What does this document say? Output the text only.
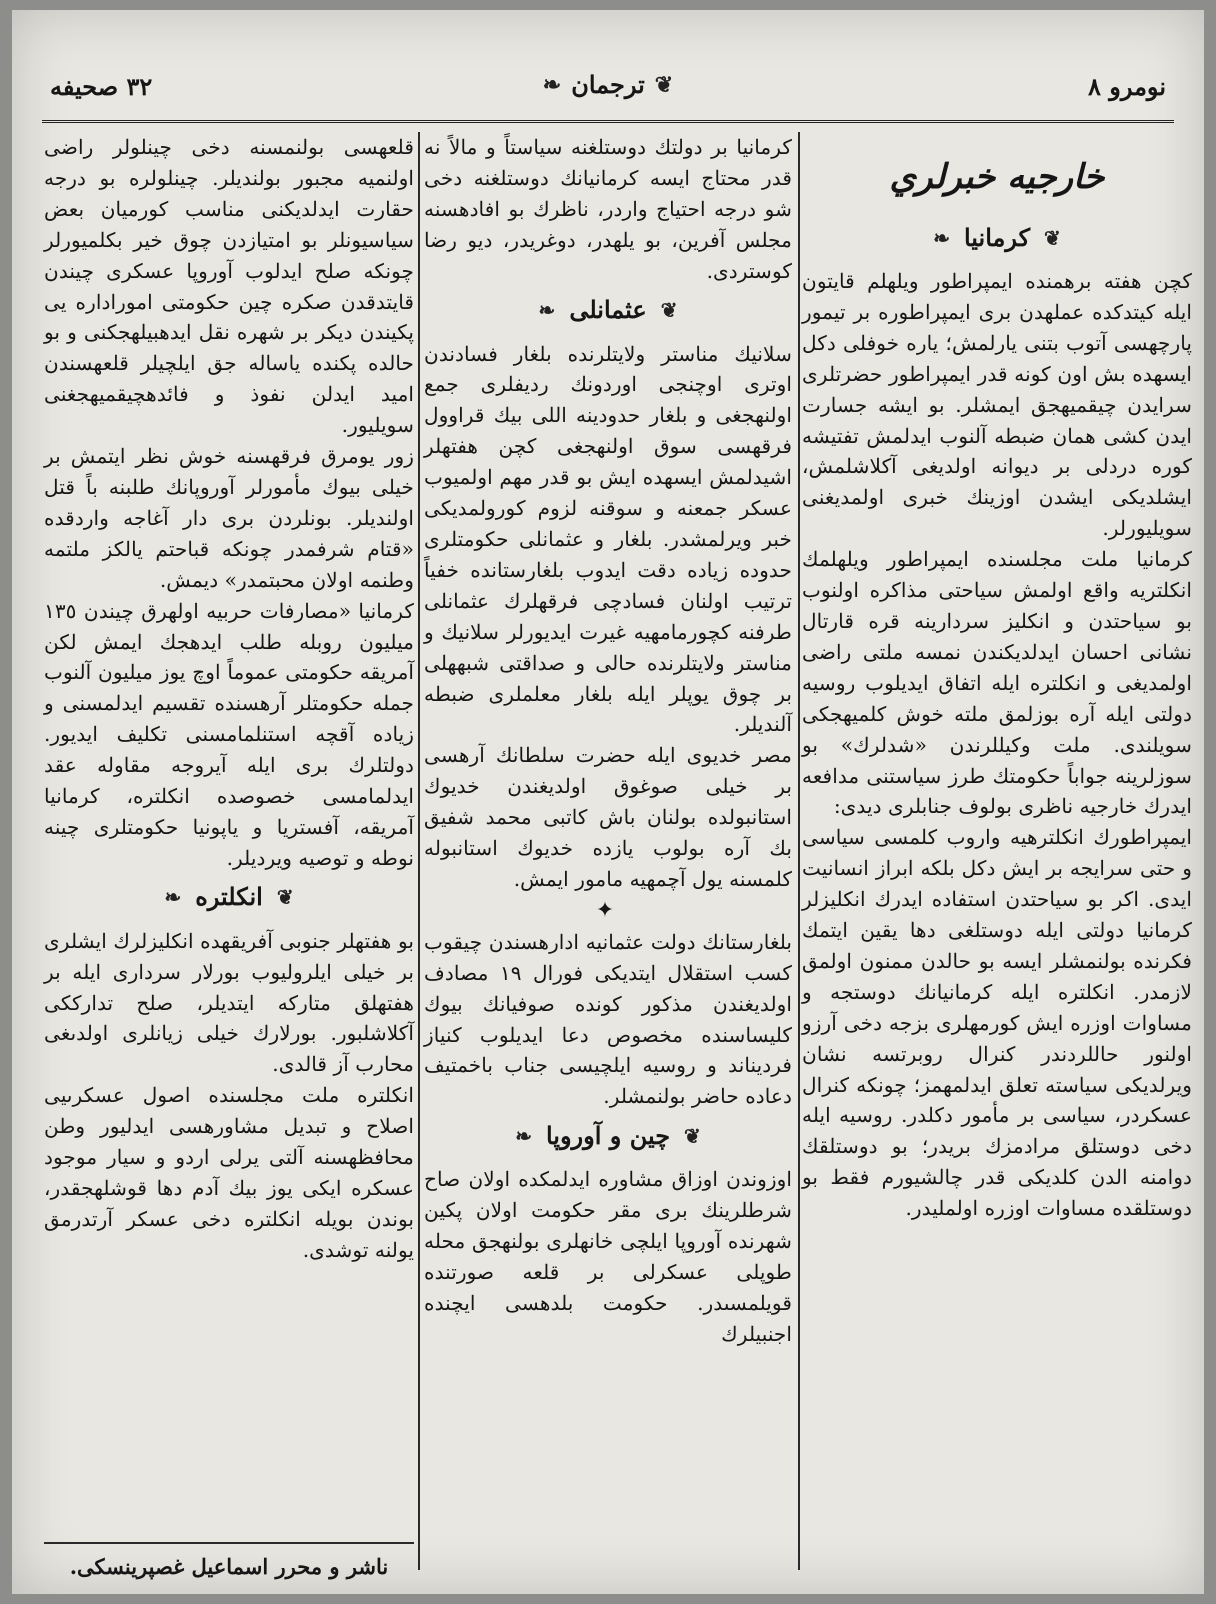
نومرو ٨
❦
ترجمان
❧
٣٢ صحيفه
خارجيه خبرلري
❦
كرمانيا
❧

كچن هفته برهمنده ايمپراطور ويلهلم قايتون ايله كيتدكده عملهدن برى ايمپراطوره بر تيمور پارچهسى آتوب بتنى يارلمش؛ ياره خوفلى دكل ايسهده بش اون كونه قدر ايمپراطور حضرتلرى سرايدن چيقميهجق ايمشلر. بو ايشه جسارت ايدن كشى همان ضبطه آلنوب ايدلمش تفتيشه كوره دردلى بر ديوانه اولديغى آكلاشلمش، ايشلديكى ايشدن اوزينك خبرى اولمديغنى سويليورلر.

كرمانيا ملت مجلسنده ايمپراطور ويلهلمك انكلتريه واقع اولمش سياحتى مذاكره اولنوب بو سياحتدن و انكليز سردارينه قره قارتال نشانى احسان ايدلديكندن نمسه ملتى راضى اولمديغى و انكلتره ايله اتفاق ايديلوب روسيه دولتى ايله آره بوزلمق ملته خوش كلميهجكى سويلندى. ملت وكيللرندن «شدلرك» بو سوزلرينه جواباً حكومتك طرز سياستنى مدافعه ايدرك خارجيه ناظرى بولوف جنابلرى ديدى:

ايمپراطورك انكلترهيه واروب كلمسى سياسى و حتى سرايجه بر ايش دكل بلكه ابراز انسانيت ايدى. اكر بو سياحتدن استفاده ايدرك انكليزلر كرمانيا دولتى ايله دوستلغى دها يقين ايتمك فكرنده بولنمشلر ايسه بو حالدن ممنون اولمق لازمدر. انكلتره ايله كرمانيانك دوستجه و مساوات اوزره ايش كورمهلرى بزجه دخى آرزو اولنور حاللردندر كنرال روبرتسه نشان ويرلديكى سياسته تعلق ايدلمهمز؛ چونكه كنرال عسكردر، سياسى بر مأمور دكلدر. روسيه ايله دخى دوستلق مرادمزك بريدر؛ بو دوستلقك دوامنه الدن كلديكى قدر چالشيورم فقط بو دوستلقده مساوات اوزره اولمليدر.

كرمانيا بر دولتك دوستلغنه سياستاً و مالاً نه قدر محتاج ايسه كرمانيانك دوستلغنه دخى شو درجه احتياج واردر، ناظرك بو افادهسنه مجلس آفرين، بو يلهدر، دوغريدر، ديو رضا كوستردى.

❦
عثمانلى
❧

سلانيك مناستر ولايتلرنده بلغار فسادندن اوترى اوچنجى اوردونك رديفلرى جمع اولنهجغى و بلغار حدودينه اللى بيك قراوول فرقهسى سوق اولنهجغى كچن هفتهلر اشيدلمش ايسهده ايش بو قدر مهم اولميوب عسكر جمعنه و سوقنه لزوم كورولمديكى خبر ويرلمشدر. بلغار و عثمانلى حكومتلرى حدوده زياده دقت ايدوب بلغارستانده خفياً ترتيب اولنان فسادچى فرقهلرك عثمانلى طرفنه كچورمامهيه غيرت ايديورلر سلانيك و مناستر ولايتلرنده حالى و صداقتى شبههلى بر چوق يوپلر ايله بلغار معلملرى ضبطه آلنديلر.

مصر خديوى ايله حضرت سلطانك آرهسى بر خيلى صوغوق اولديغندن خديوك استانبولده بولنان باش كاتبى محمد شفيق بك آره بولوب يازده خديوك استانبوله كلمسنه يول آچمهيه مامور ايمش.

✦

بلغارستانك دولت عثمانيه ادارهسندن چيقوب كسب استقلال ايتديكى فورال ١٩ مصادف اولديغندن مذكور كونده صوفيانك بيوك كليساسنده مخصوص دعا ايديلوب كنياز فرديناند و روسيه ايلچيسى جناب باخمتيف دعاده حاضر بولنمشلر.

❦
چين و آوروپا
❧

اوزوندن اوزاق مشاوره ايدلمكده اولان صاح شرطلرينك برى مقر حكومت اولان پكين شهرنده آوروپا ايلچى خانهلرى بولنهجق محله طوپلى عسكرلى بر قلعه صورتنده قويلمسىدر. حكومت بلدهسى ايچنده اجنبيلرك

قلعهسى بولنمسنه دخى چينلولر راضى اولنميه مجبور بولنديلر. چينلولره بو درجه حقارت ايدلديكنى مناسب كورميان بعض سياسيونلر بو امتيازدن چوق خير بكلميورلر چونكه صلح ايدلوب آوروپا عسكرى چيندن قايتدقدن صكره چين حكومتى اموراداره يى پكيندن ديكر بر شهره نقل ايدهبيلهجكنى و بو حالده پكنده ياساله جق ايلچيلر قلعهسندن اميد ايدلن نفوذ و فائدهچيقميهجغنى سويليور.

زور يومرق فرقهسنه خوش نظر ايتمش بر خيلى بيوك مأمورلر آوروپانك طلبنه باً قتل اولنديلر. بونلردن برى دار آغاجه واردقده «قتام شرفمدر چونكه قباحتم يالكز ملتمه وطنمه اولان محبتمدر» ديمش.

كرمانيا «مصارفات حربيه اولهرق چيندن ١٣٥ ميليون روبله طلب ايدهجك ايمش لكن آمريقه حكومتى عموماً اوچ يوز ميليون آلنوب جمله حكومتلر آرهسنده تقسيم ايدلمسنى و زياده آقچه استنلمامسنى تكليف ايديور. دولتلرك برى ايله آيروجه مقاوله عقد ايدلمامسى خصوصده انكلتره، كرمانيا آمريقه، آفستريا و ياپونيا حكومتلرى چينه نوطه و توصيه ويرديلر.

❦
انكلتره
❧

بو هفتهلر جنوبى آفريقهده انكليزلرك ايشلرى بر خيلى ايلروليوب بورلار سردارى ايله بر هفتهلق متاركه ايتديلر، صلح تدارككى آكلاشلبور. بورلارك خيلى زيانلرى اولدىغى محارب آز قالدى.

انكلتره ملت مجلسنده اصول عسكرىيى اصلاح و تبديل مشاورهسى ايدليور وطن محافظهسنه آلتى يرلى اردو و سيار موجود عسكره ايكى يوز بيك آدم دها قوشلهجقدر، بوندن بويله انكلتره دخى عسكر آرتدرمق يولنه توشدى.

ناشر و محرر اسماعيل غصپرينسكى.
